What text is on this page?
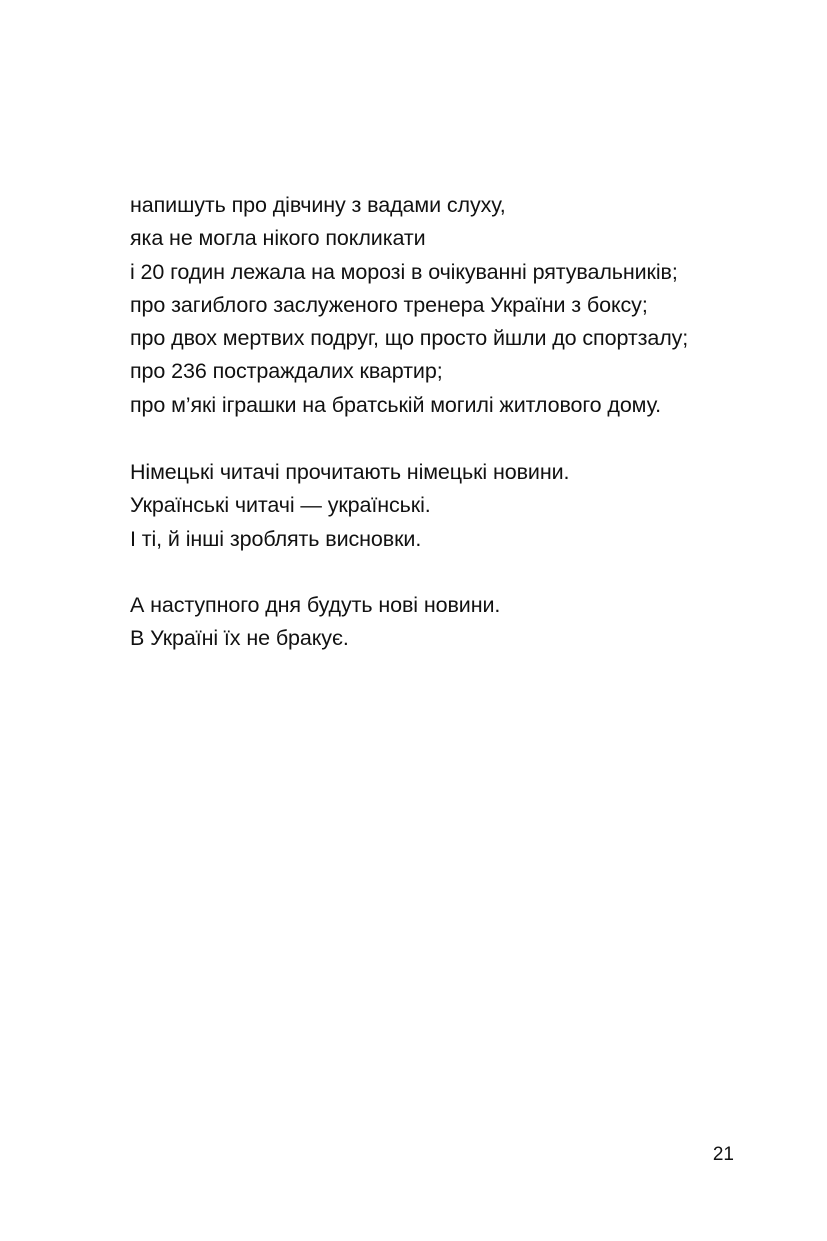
напишуть про дівчину з вадами слуху,
яка не могла нікого покликати
і 20 годин лежала на морозі в очікуванні рятувальників;
про загиблого заслуженого тренера України з боксу;
про двох мертвих подруг, що просто йшли до спортзалу;
про 236 постраждалих квартир;
про м’які іграшки на братській могилі житлового дому.
Німецькі читачі прочитають німецькі новини.
Українські читачі — українські.
І ті, й інші зроблять висновки.
А наступного дня будуть нові новини.
В Україні їх не бракує.
21
